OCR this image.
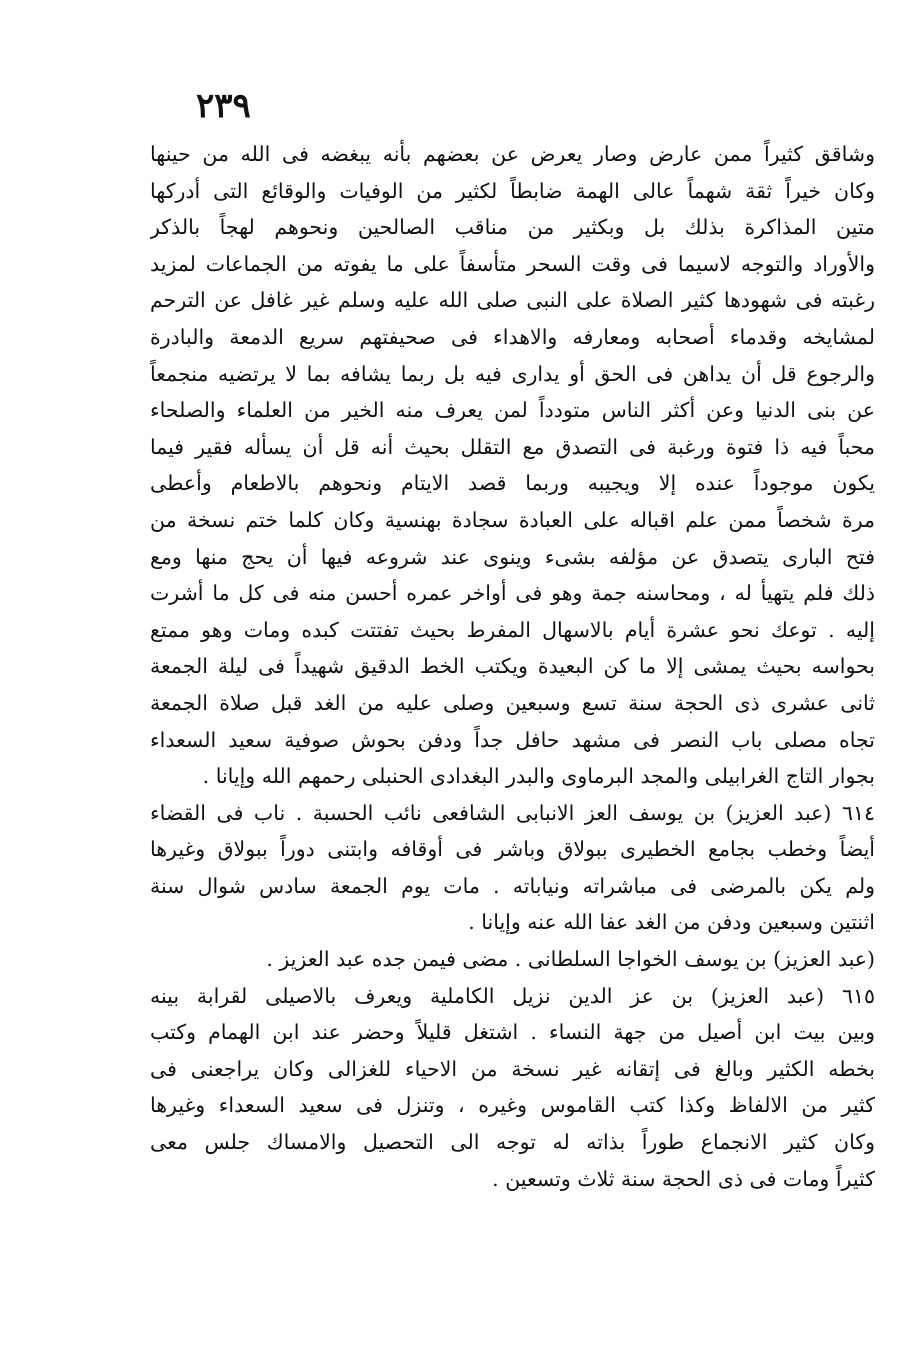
٢٣٩
وشاقق كثيراً ممن عارض وصار يعرض عن بعضهم بأنه يبغضه فى الله من حينها
وكان خيراً ثقة شهماً عالى الهمة ضابطاً لكثير من الوفيات والوقائع التى أدركها
متين المذاكرة بذلك بل وبكثير من مناقب الصالحين ونحوهم لهجاً بالذكر
والأوراد والتوجه لاسيما فى وقت السحر متأسفاً على ما يفوته من الجماعات لمزيد
رغبته فى شهودها كثير الصلاة على النبى صلى الله عليه وسلم غير غافل عن الترحم
لمشايخه وقدماء أصحابه ومعارفه والاهداء فى صحيفتهم سريع الدمعة والبادرة
والرجوع قل أن يداهن فى الحق أو يدارى فيه بل ربما يشافه بما لا يرتضيه منجمعاً
عن بنى الدنيا وعن أكثر الناس متودداً لمن يعرف منه الخير من العلماء والصلحاء
محباً فيه ذا فتوة ورغبة فى التصدق مع التقلل بحيث أنه قل أن يسأله فقير فيما
يكون موجوداً عنده إلا ويجيبه وربما قصد الايتام ونحوهم بالاطعام وأعطى
مرة شخصاً ممن علم اقباله على العبادة سجادة بهنسية وكان كلما ختم نسخة من
فتح البارى يتصدق عن مؤلفه بشىء وينوى عند شروعه فيها أن يحج منها ومع
ذلك فلم يتهيأ له ، ومحاسنه جمة وهو فى أواخر عمره أحسن منه فى كل ما أشرت
إليه . توعك نحو عشرة أيام بالاسهال المفرط بحيث تفتتت كبده ومات وهو ممتع
بحواسه بحيث يمشى إلا ما كن البعيدة ويكتب الخط الدقيق شهيداً فى ليلة الجمعة
ثانى عشرى ذى الحجة سنة تسع وسبعين وصلى عليه من الغد قبل صلاة الجمعة
تجاه مصلى باب النصر فى مشهد حافل جداً ودفن بحوش صوفية سعيد السعداء
بجوار التاج الغرابيلى والمجد البرماوى والبدر البغدادى الحنبلى رحمهم الله وإيانا .
٦١٤ (عبد العزيز) بن يوسف العز الانبابى الشافعى نائب الحسبة . ناب فى القضاء
أيضاً وخطب بجامع الخطيرى ببولاق وباشر فى أوقافه وابتنى دوراً ببولاق وغيرها
ولم يكن بالمرضى فى مباشراته ونياباته . مات يوم الجمعة سادس شوال سنة
اثنتين وسبعين ودفن من الغد عفا الله عنه وإيانا .
(عبد العزيز) بن يوسف الخواجا السلطانى . مضى فيمن جده عبد العزيز .
٦١٥ (عبد العزيز) بن عز الدين نزيل الكاملية ويعرف بالاصيلى لقرابة بينه
وبين بيت ابن أصيل من جهة النساء . اشتغل قليلاً وحضر عند ابن الهمام وكتب
بخطه الكثير وبالغ فى إتقانه غير نسخة من الاحياء للغزالى وكان يراجعنى فى
كثير من الالفاظ وكذا كتب القاموس وغيره ، وتنزل فى سعيد السعداء وغيرها
وكان كثير الانجماع طوراً بذاته له توجه الى التحصيل والامساك جلس معى
كثيراً ومات فى ذى الحجة سنة ثلاث وتسعين .
